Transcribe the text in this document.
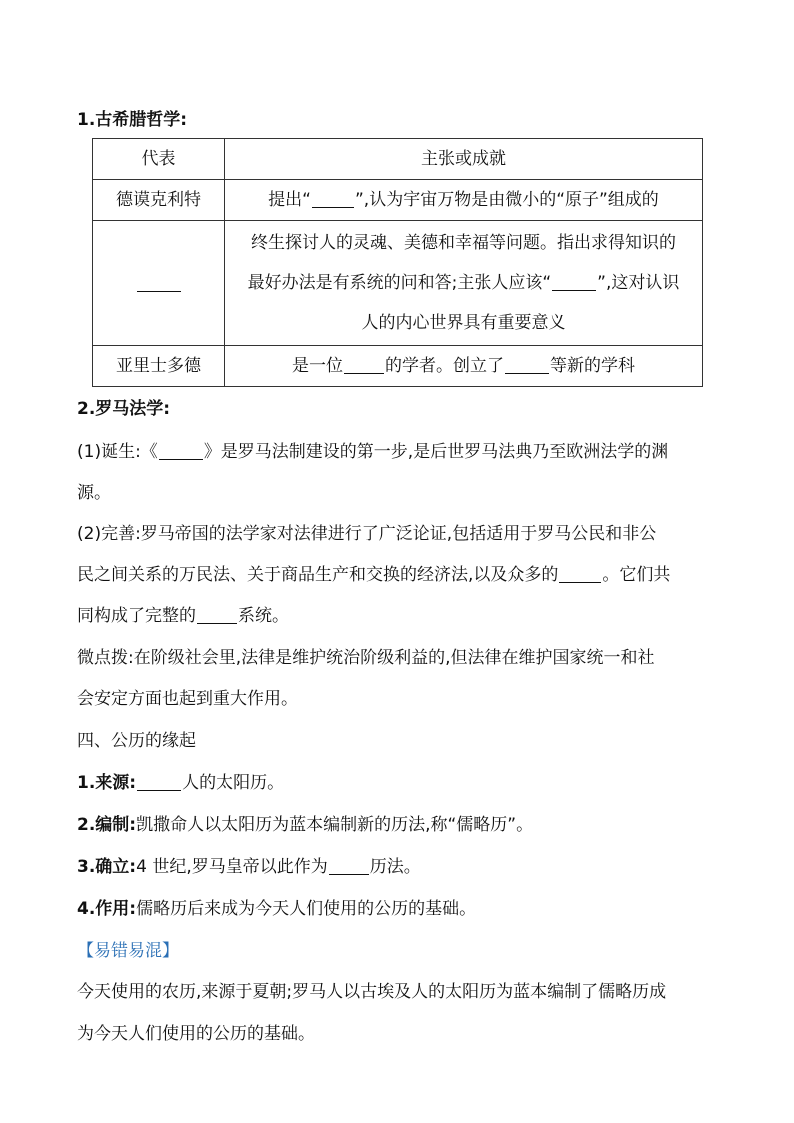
1.古希腊哲学:
代表	主张或成就
德谟克利特	提出“ ”,认为宇宙万物是由微小的“原子”组成的

	终生探讨人的灵魂、美德和幸福等问题。指出求得知识的
最好办法是有系统的问和答;主张人应该“ ”,这对认识
人的内心世界具有重要意义

亚里士多德	是一位 的学者。创立了 等新的学科
2.罗马法学:
(1)诞生:《	》是罗马法制建设的第一步,是后世罗马法典乃至欧洲法学的渊
源。
(2)完善:罗马帝国的法学家对法律进行了广泛论证,包括适用于罗马公民和非公
民之间关系的万民法、关于商品生产和交换的经济法,以及众多的	。它们共
同构成了完整的 系统。
微点拨:在阶级社会里,法律是维护统治阶级利益的,但法律在维护国家统一和社
会安定方面也起到重大作用。
四、公历的缘起
1.来源:	人的太阳历。
2.编制:凯撒命人以太阳历为蓝本编制新的历法,称“儒略历”。
3.确立:4 世纪,罗马皇帝以此作为 历法。
4.作用:儒略历后来成为今天人们使用的公历的基础。
【易错易混】
今天使用的农历,来源于夏朝;罗马人以古埃及人的太阳历为蓝本编制了儒略历成
为今天人们使用的公历的基础。
